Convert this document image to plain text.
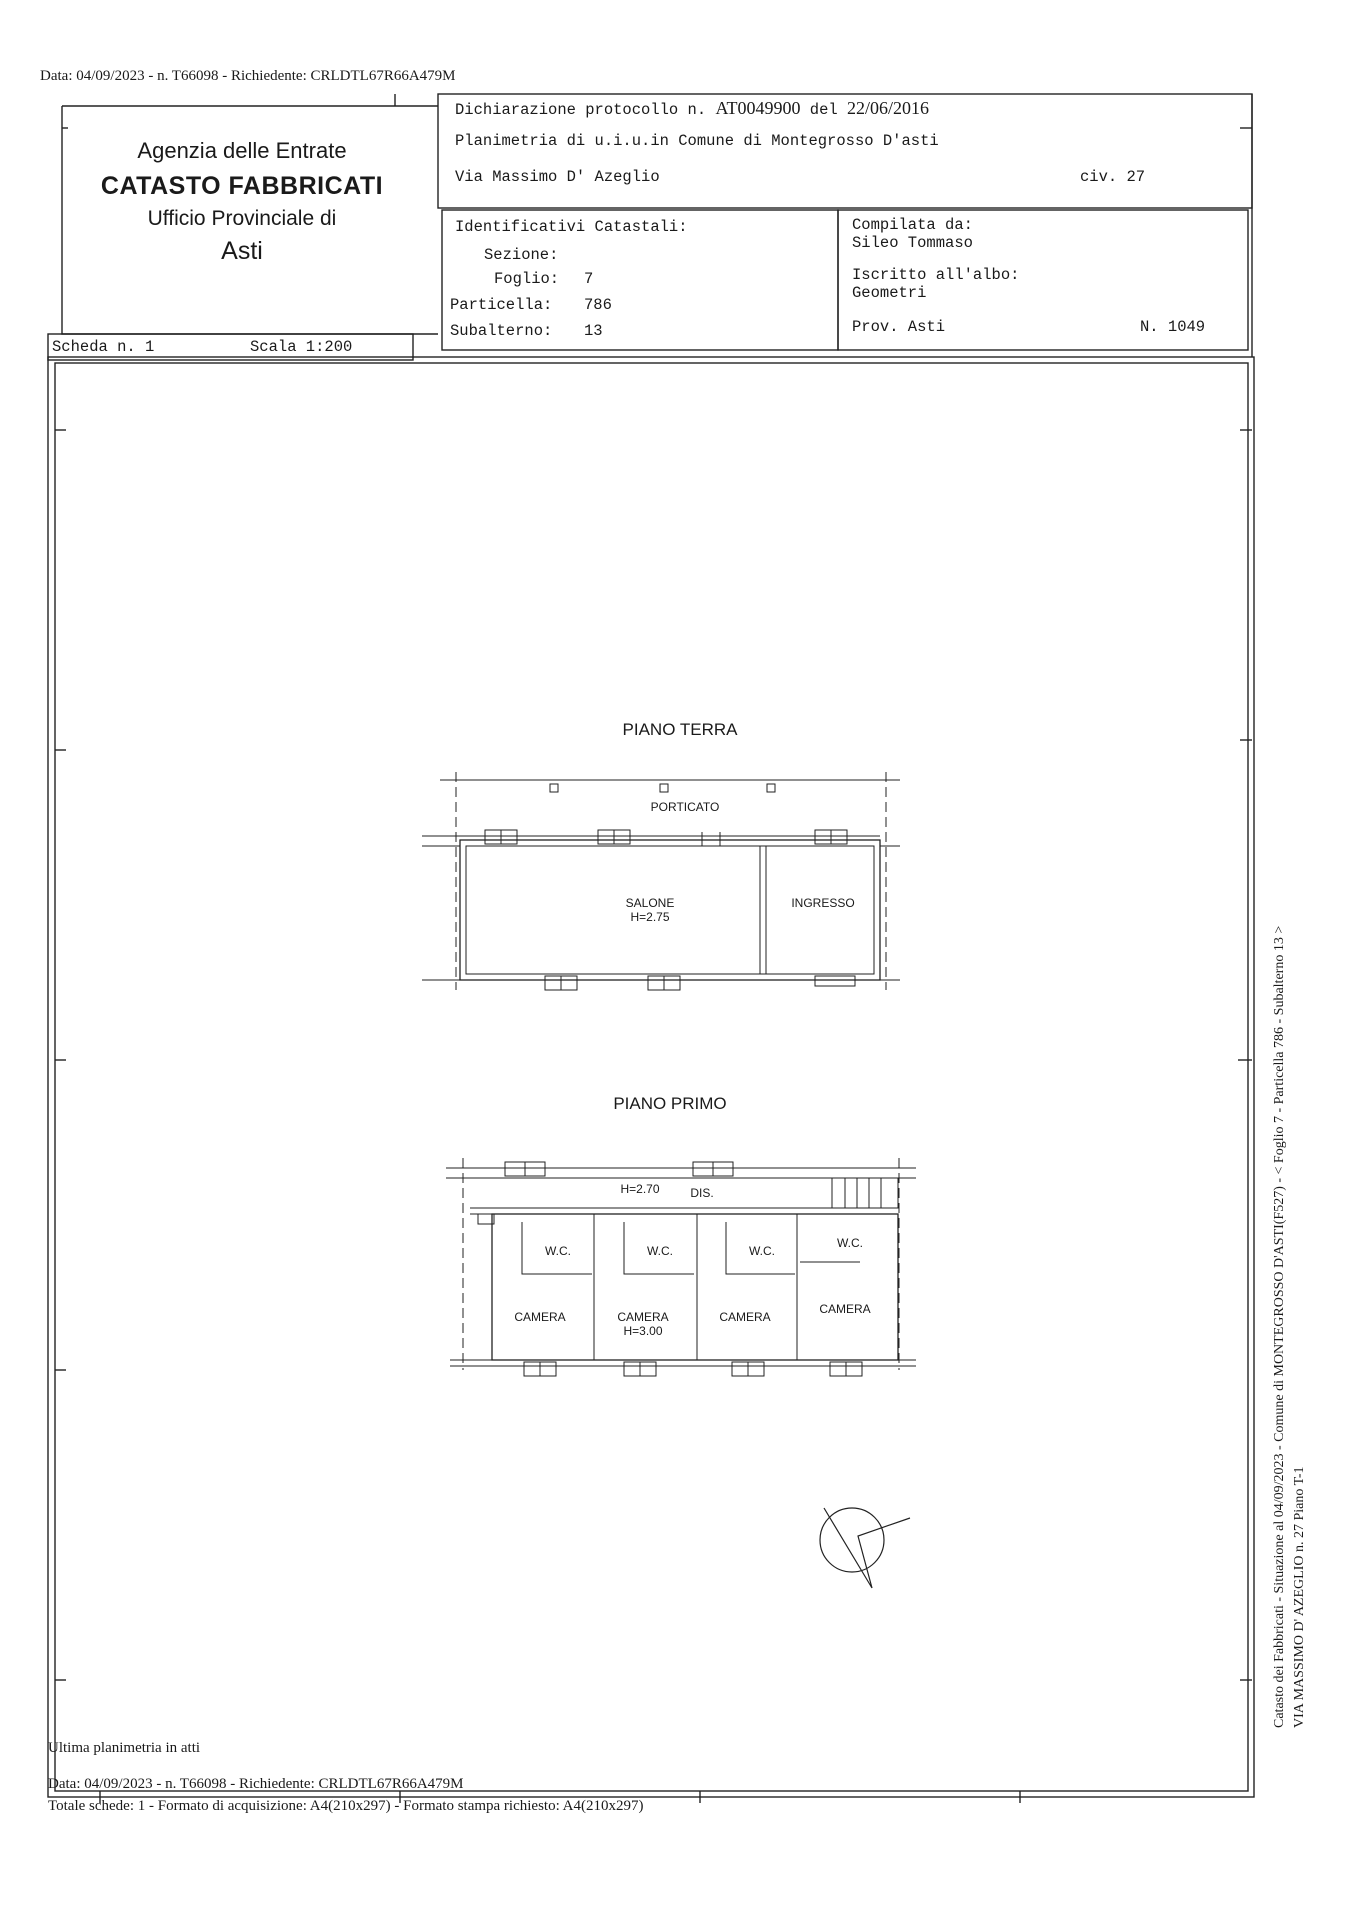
Data: 04/09/2023 - n. T66098 - Richiedente: CRLDTL67R66A479M
Agenzia delle Entrate
CATASTO FABBRICATI
Ufficio Provinciale di
Asti
Dichiarazione protocollo n. AT0049900 del 22/06/2016
Planimetria di u.i.u.in Comune di Montegrosso D'asti
Via Massimo D' Azeglio	civ. 27
Identificativi Catastali:
Sezione:
Foglio: 7
Particella: 786
Subalterno: 13
Compilata da:
Sileo Tommaso
Iscritto all'albo:
Geometri
Prov. Asti	N. 1049
Scheda n. 1	Scala 1:200
PIANO TERRA
PORTICATO
SALONE
H=2.75
INGRESSO
PIANO PRIMO
H=2.70	DIS.
W.C.	W.C.	W.C.
W.C.
CAMERA	CAMERA
H=3.00
CAMERA
CAMERA	Catasto dei Fabbricati - Situazione al 04/09/2023 - Comune di MONTEGROSSO D'ASTI(F527) - < Foglio 7 - Particella 786 - Subalterno 13 > VIA MASSIMO D' AZEGLIO n. 27 Piano T-1
Ultima planimetria in atti
Data: 04/09/2023 - n. T66098 - Richiedente: CRLDTL67R66A479M
Totale schede: 1 - Formato di acquisizione: A4(210x297) - Formato stampa richiesto: A4(210x297)
